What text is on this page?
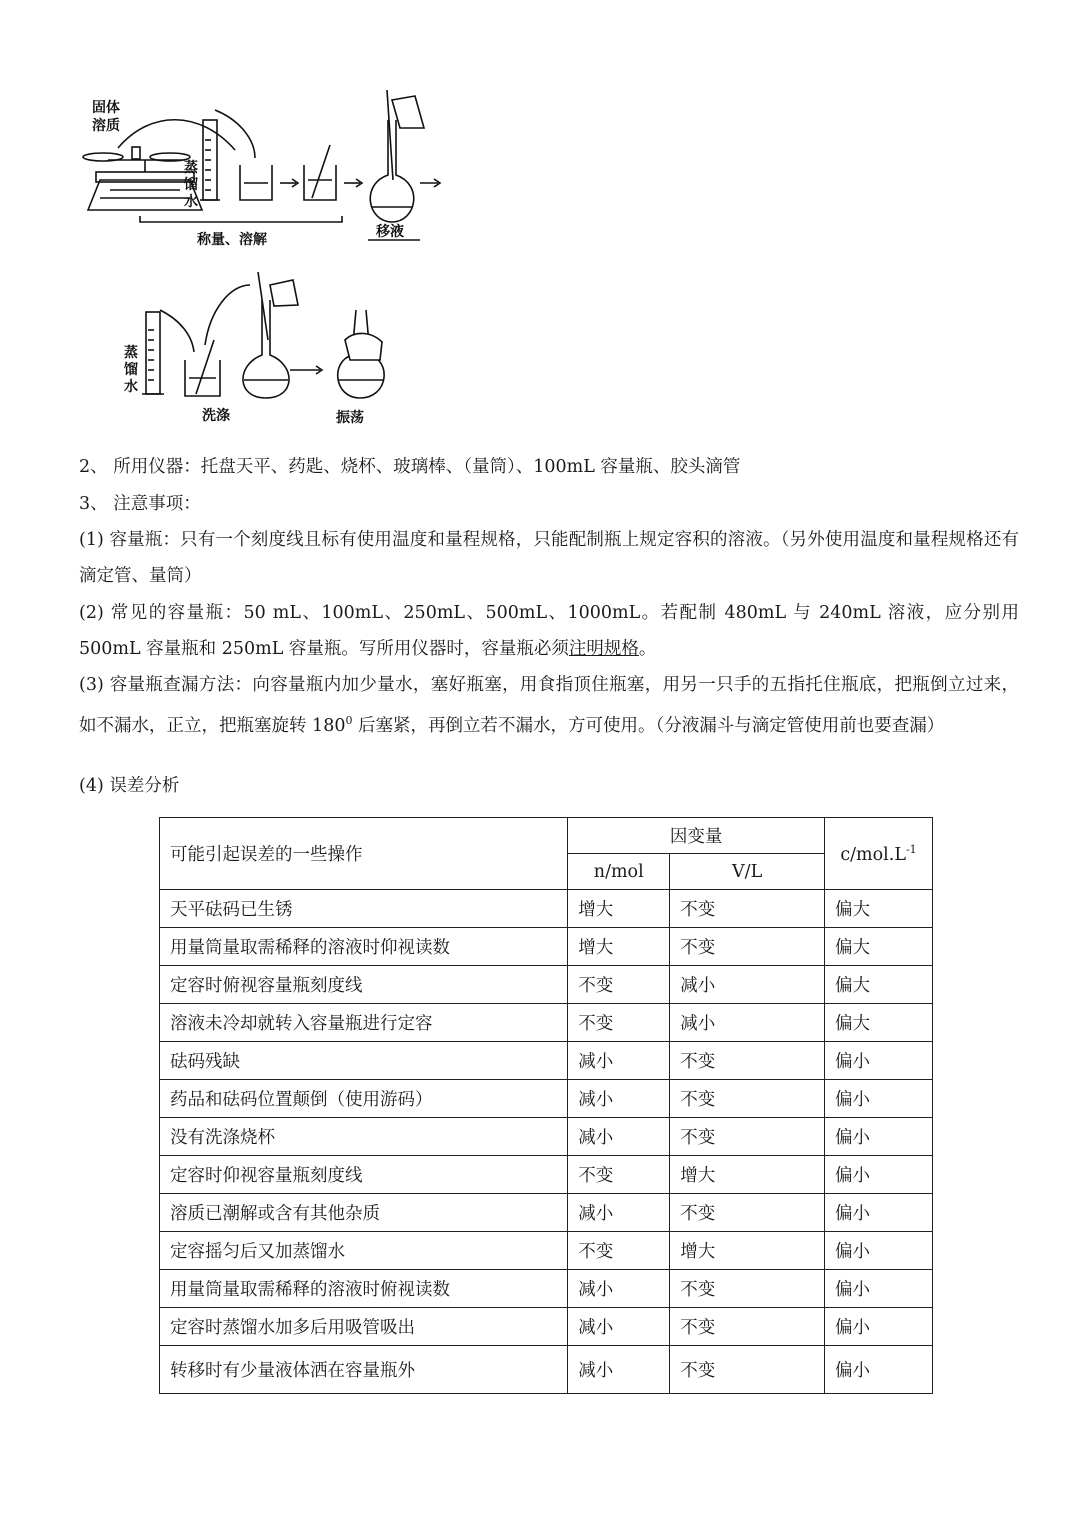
固体
溶质
蒸
馏
水
称量、溶解	移液
蒸
馏
水
洗涤	振荡
2、 所用仪器：托盘天平、药匙、烧杯、玻璃棒、（量筒）、100mL 容量瓶、胶头滴管
3、 注意事项：
(1) 容量瓶：只有一个刻度线且标有使用温度和量程规格，只能配制瓶上规定容积的溶液。（另外使用温度和量程规格还有滴定管、量筒）
(2) 常见的容量瓶：50 mL、100mL、250mL、500mL、1000mL。若配制 480mL 与 240mL 溶液，应分别用 500mL 容量瓶和 250mL 容量瓶。写所用仪器时，容量瓶必须注明规格。
(3) 容量瓶查漏方法：向容量瓶内加少量水，塞好瓶塞，用食指顶住瓶塞，用另一只手的五指托住瓶底，把瓶倒立过来，如不漏水，正立，把瓶塞旋转 $180^0$ 后塞紧，再倒立若不漏水，方可使用。（分液漏斗与滴定管使用前也要查漏）
(4) 误差分析
可能引起误差的一些操作	因变量		$c/mol.L^{-1}$
	n/mol	V/L	
天平砝码已生锈	增大	不变	偏大
用量筒量取需稀释的溶液时仰视读数	增大	不变	偏大
定容时俯视容量瓶刻度线	不变	减小	偏大
溶液未冷却就转入容量瓶进行定容	不变	减小	偏大
砝码残缺	减小	不变	偏小
药品和砝码位置颠倒（使用游码）	减小	不变	偏小
没有洗涤烧杯	减小	不变	偏小
定容时仰视容量瓶刻度线	不变	增大	偏小
溶质已潮解或含有其他杂质	减小	不变	偏小
定容摇匀后又加蒸馏水	不变	增大	偏小
用量筒量取需稀释的溶液时俯视读数	减小	不变	偏小
定容时蒸馏水加多后用吸管吸出	减小	不变	偏小
转移时有少量液体洒在容量瓶外	减小	不变	偏小
